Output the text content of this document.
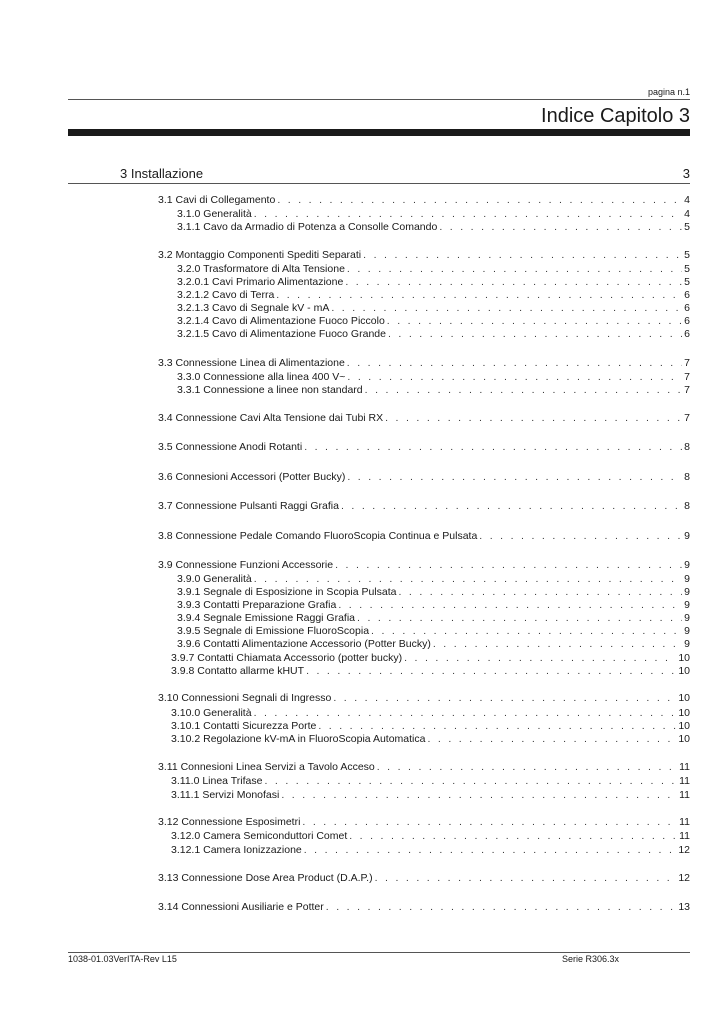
pagina n.1
Indice Capitolo 3
3 Installazione	3
3.1 Cavi di Collegamento . . .	4
3.1.0 Generalità . . .	4
3.1.1 Cavo da Armadio di Potenza a Consolle Comando . . .	5
3.2 Montaggio Componenti Spediti Separati . . .	5
3.2.0 Trasformatore di Alta Tensione . . .	5
3.2.0.1 Cavi Primario Alimentazione . . .	5
3.2.1.2 Cavo di Terra . . .	6
3.2.1.3 Cavo di Segnale kV - mA . . .	6
3.2.1.4 Cavo di Alimentazione Fuoco Piccolo . . .	6
3.2.1.5 Cavo di Alimentazione Fuoco Grande . . .	6
3.3 Connessione Linea di Alimentazione . . .	7
3.3.0 Connessione alla linea 400 V~ . . .	7
3.3.1 Connessione a linee non standard . . .	7
3.4 Connessione Cavi Alta Tensione dai Tubi RX . . .	7
3.5 Connessione Anodi Rotanti . . .	8
3.6 Connesioni Accessori (Potter Bucky) . . .	8
3.7 Connessione Pulsanti Raggi Grafia . . .	8
3.8 Connessione Pedale Comando FluoroScopia Continua e Pulsata . . .	9
3.9 Connessione Funzioni Accessorie . . .	9
3.9.0 Generalità . . .	9
3.9.1 Segnale di Esposizione in Scopia Pulsata . . .	9
3.9.3 Contatti Preparazione Grafia . . .	9
3.9.4 Segnale Emissione Raggi Grafia . . .	9
3.9.5 Segnale di Emissione FluoroScopia . . .	9
3.9.6 Contatti Alimentazione Accessorio (Potter Bucky) . . .	9
3.9.7 Contatti Chiamata Accessorio (potter bucky) . . .	10
3.9.8 Contatto allarme kHUT . . .	10
3.10 Connessioni Segnali di Ingresso . . .	10
3.10.0 Generalità . . .	10
3.10.1 Contatti Sicurezza Porte . . .	10
3.10.2 Regolazione kV-mA in FluoroScopia Automatica . . .	10
3.11 Connesioni Linea Servizi a Tavolo Acceso . . .	11
3.11.0 Linea Trifase . . .	11
3.11.1 Servizi Monofasi . . .	11
3.12 Connessione Esposimetri . . .	11
3.12.0 Camera Semiconduttori Comet . . .	11
3.12.1 Camera Ionizzazione . . .	12
3.13 Connessione Dose Area Product (D.A.P.) . . .	12
3.14 Connessioni Ausiliarie e Potter . . .	13
1038-01.03VerITA-Rev L15	Serie R306.3x
